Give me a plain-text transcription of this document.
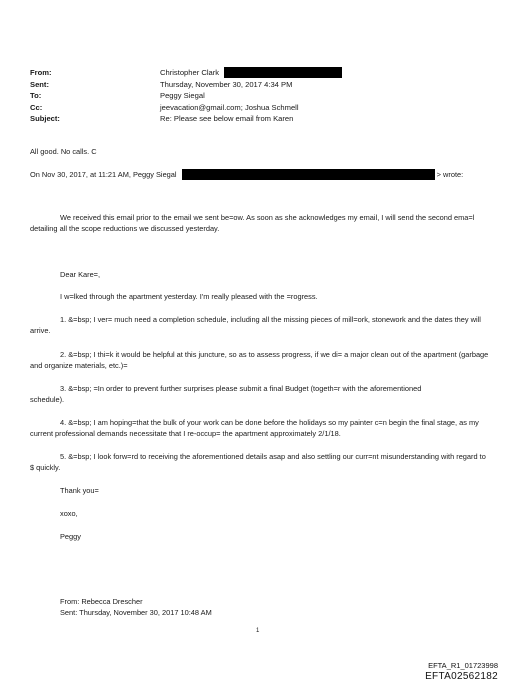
From:	Christopher Clark
Sent:	Thursday, November 30, 2017 4:34 PM
To:	Peggy Siegal
Cc:	jeevacation@gmail.com; Joshua Schmell
Subject:	Re: Please see below email from Karen
All good. No calls. C
On Nov 30, 2017, at 11:21 AM, Peggy Siegal	> wrote:
We received this email prior to the email we sent be=ow. As soon as she acknowledges my email, I will send the second ema=l detailing all the scope reductions we discussed yesterday.
Dear Kare=,
I w=lked through the apartment yesterday. I'm really pleased with the =rogress.
1. &=bsp; I ver= much need a completion schedule, including all the missing pieces of mill=ork, stonework and the dates they will arrive.
2. &=bsp; I thi=k it would be helpful at this juncture, so as to assess progress, if we di= a major clean out of the apartment (garbage and organize materials, etc.)=
3. &=bsp; =In order to prevent further surprises please submit a final Budget (togeth=r with the aforementioned schedule).
4. &=bsp; I am hoping=that the bulk of your work can be done before the holidays so my painter c=n begin the final stage, as my current professional demands necessitate that I re-occup= the apartment approximately 2/1/18.
5. &=bsp; I look forw=rd to receiving the aforementioned details asap and also settling our curr=nt misunderstanding with regard to $ quickly.
Thank you=
xoxo,
Peggy
From: Rebecca Drescher
Sent: Thursday, November 30, 2017 10:48 AM
1
EFTA_R1_01723998
EFTA02562182
